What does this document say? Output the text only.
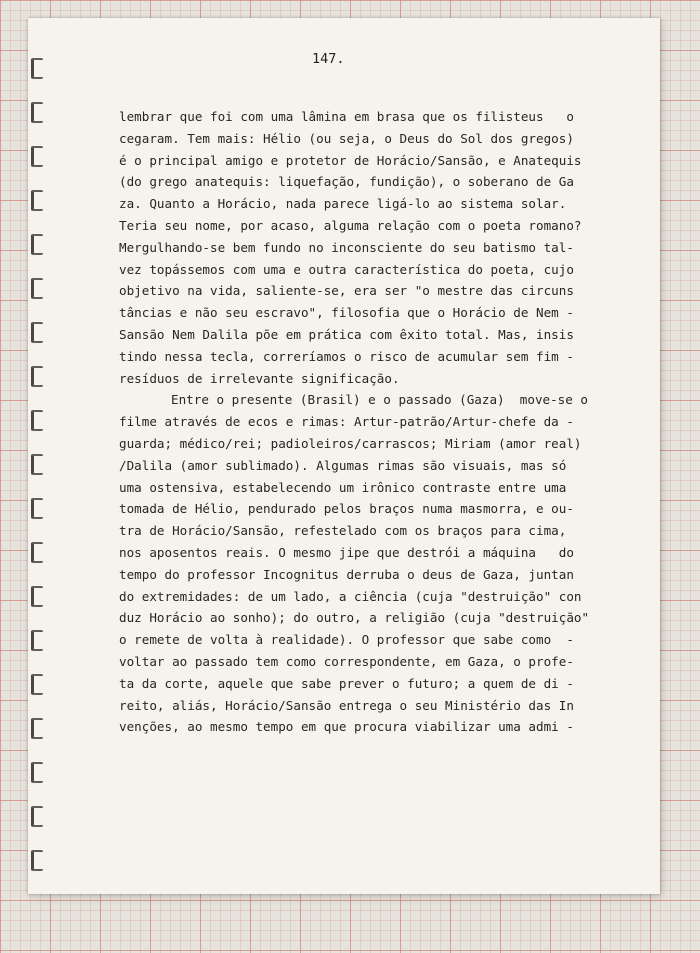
147.
lembrar que foi com uma lâmina em brasa que os filisteus   o
cegaram. Tem mais: Hélio (ou seja, o Deus do Sol dos gregos)
é o principal amigo e protetor de Horácio/Sansão, e Anatequis
(do grego anatequis: liquefação, fundição), o soberano de Ga
za. Quanto a Horácio, nada parece ligá-lo ao sistema solar.
Teria seu nome, por acaso, alguma relação com o poeta romano?
Mergulhando-se bem fundo no inconsciente do seu batismo tal-
vez topássemos com uma e outra característica do poeta, cujo
objetivo na vida, saliente-se, era ser "o mestre das circuns
tâncias e não seu escravo", filosofia que o Horácio de Nem -
Sansão Nem Dalila põe em prática com êxito total. Mas, insis
tindo nessa tecla, correríamos o risco de acumular sem fim -
resíduos de irrelevante significação.
Entre o presente (Brasil) e o passado (Gaza)  move-se o
filme através de ecos e rimas: Artur-patrão/Artur-chefe da -
guarda; médico/rei; padioleiros/carrascos; Miriam (amor real)
/Dalila (amor sublimado). Algumas rimas são visuais, mas só
uma ostensiva, estabelecendo um irônico contraste entre uma
tomada de Hélio, pendurado pelos braços numa masmorra, e ou-
tra de Horácio/Sansão, refestelado com os braços para cima,
nos aposentos reais. O mesmo jipe que destrói a máquina   do
tempo do professor Incognitus derruba o deus de Gaza, juntan
do extremidades: de um lado, a ciência (cuja "destruição" con
duz Horácio ao sonho); do outro, a religião (cuja "destruição"
o remete de volta à realidade). O professor que sabe como  -
voltar ao passado tem como correspondente, em Gaza, o profe-
ta da corte, aquele que sabe prever o futuro; a quem de di -
reito, aliás, Horácio/Sansão entrega o seu Ministério das In
venções, ao mesmo tempo em que procura viabilizar uma admi -
